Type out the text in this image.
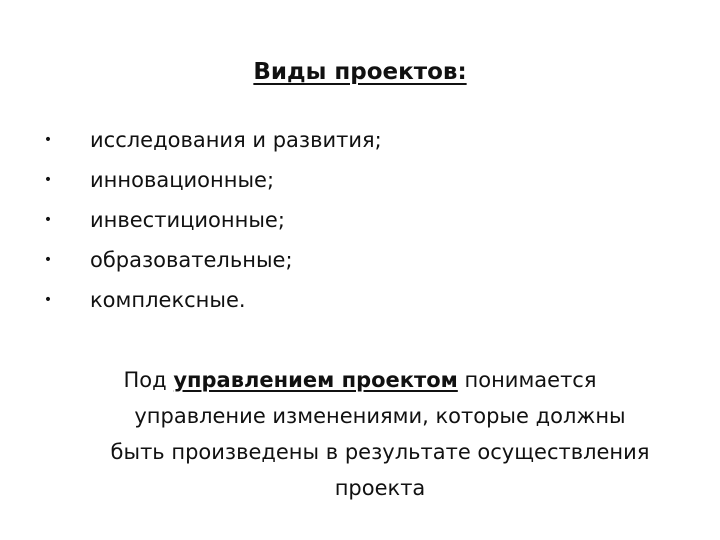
Виды проектов:
• исследования и развития;
• инновационные;
• инвестиционные;
• образовательные;
• комплексные.

Под управлением проектом понимается
управление изменениями, которые должны
быть произведены в результате осуществления
проекта
